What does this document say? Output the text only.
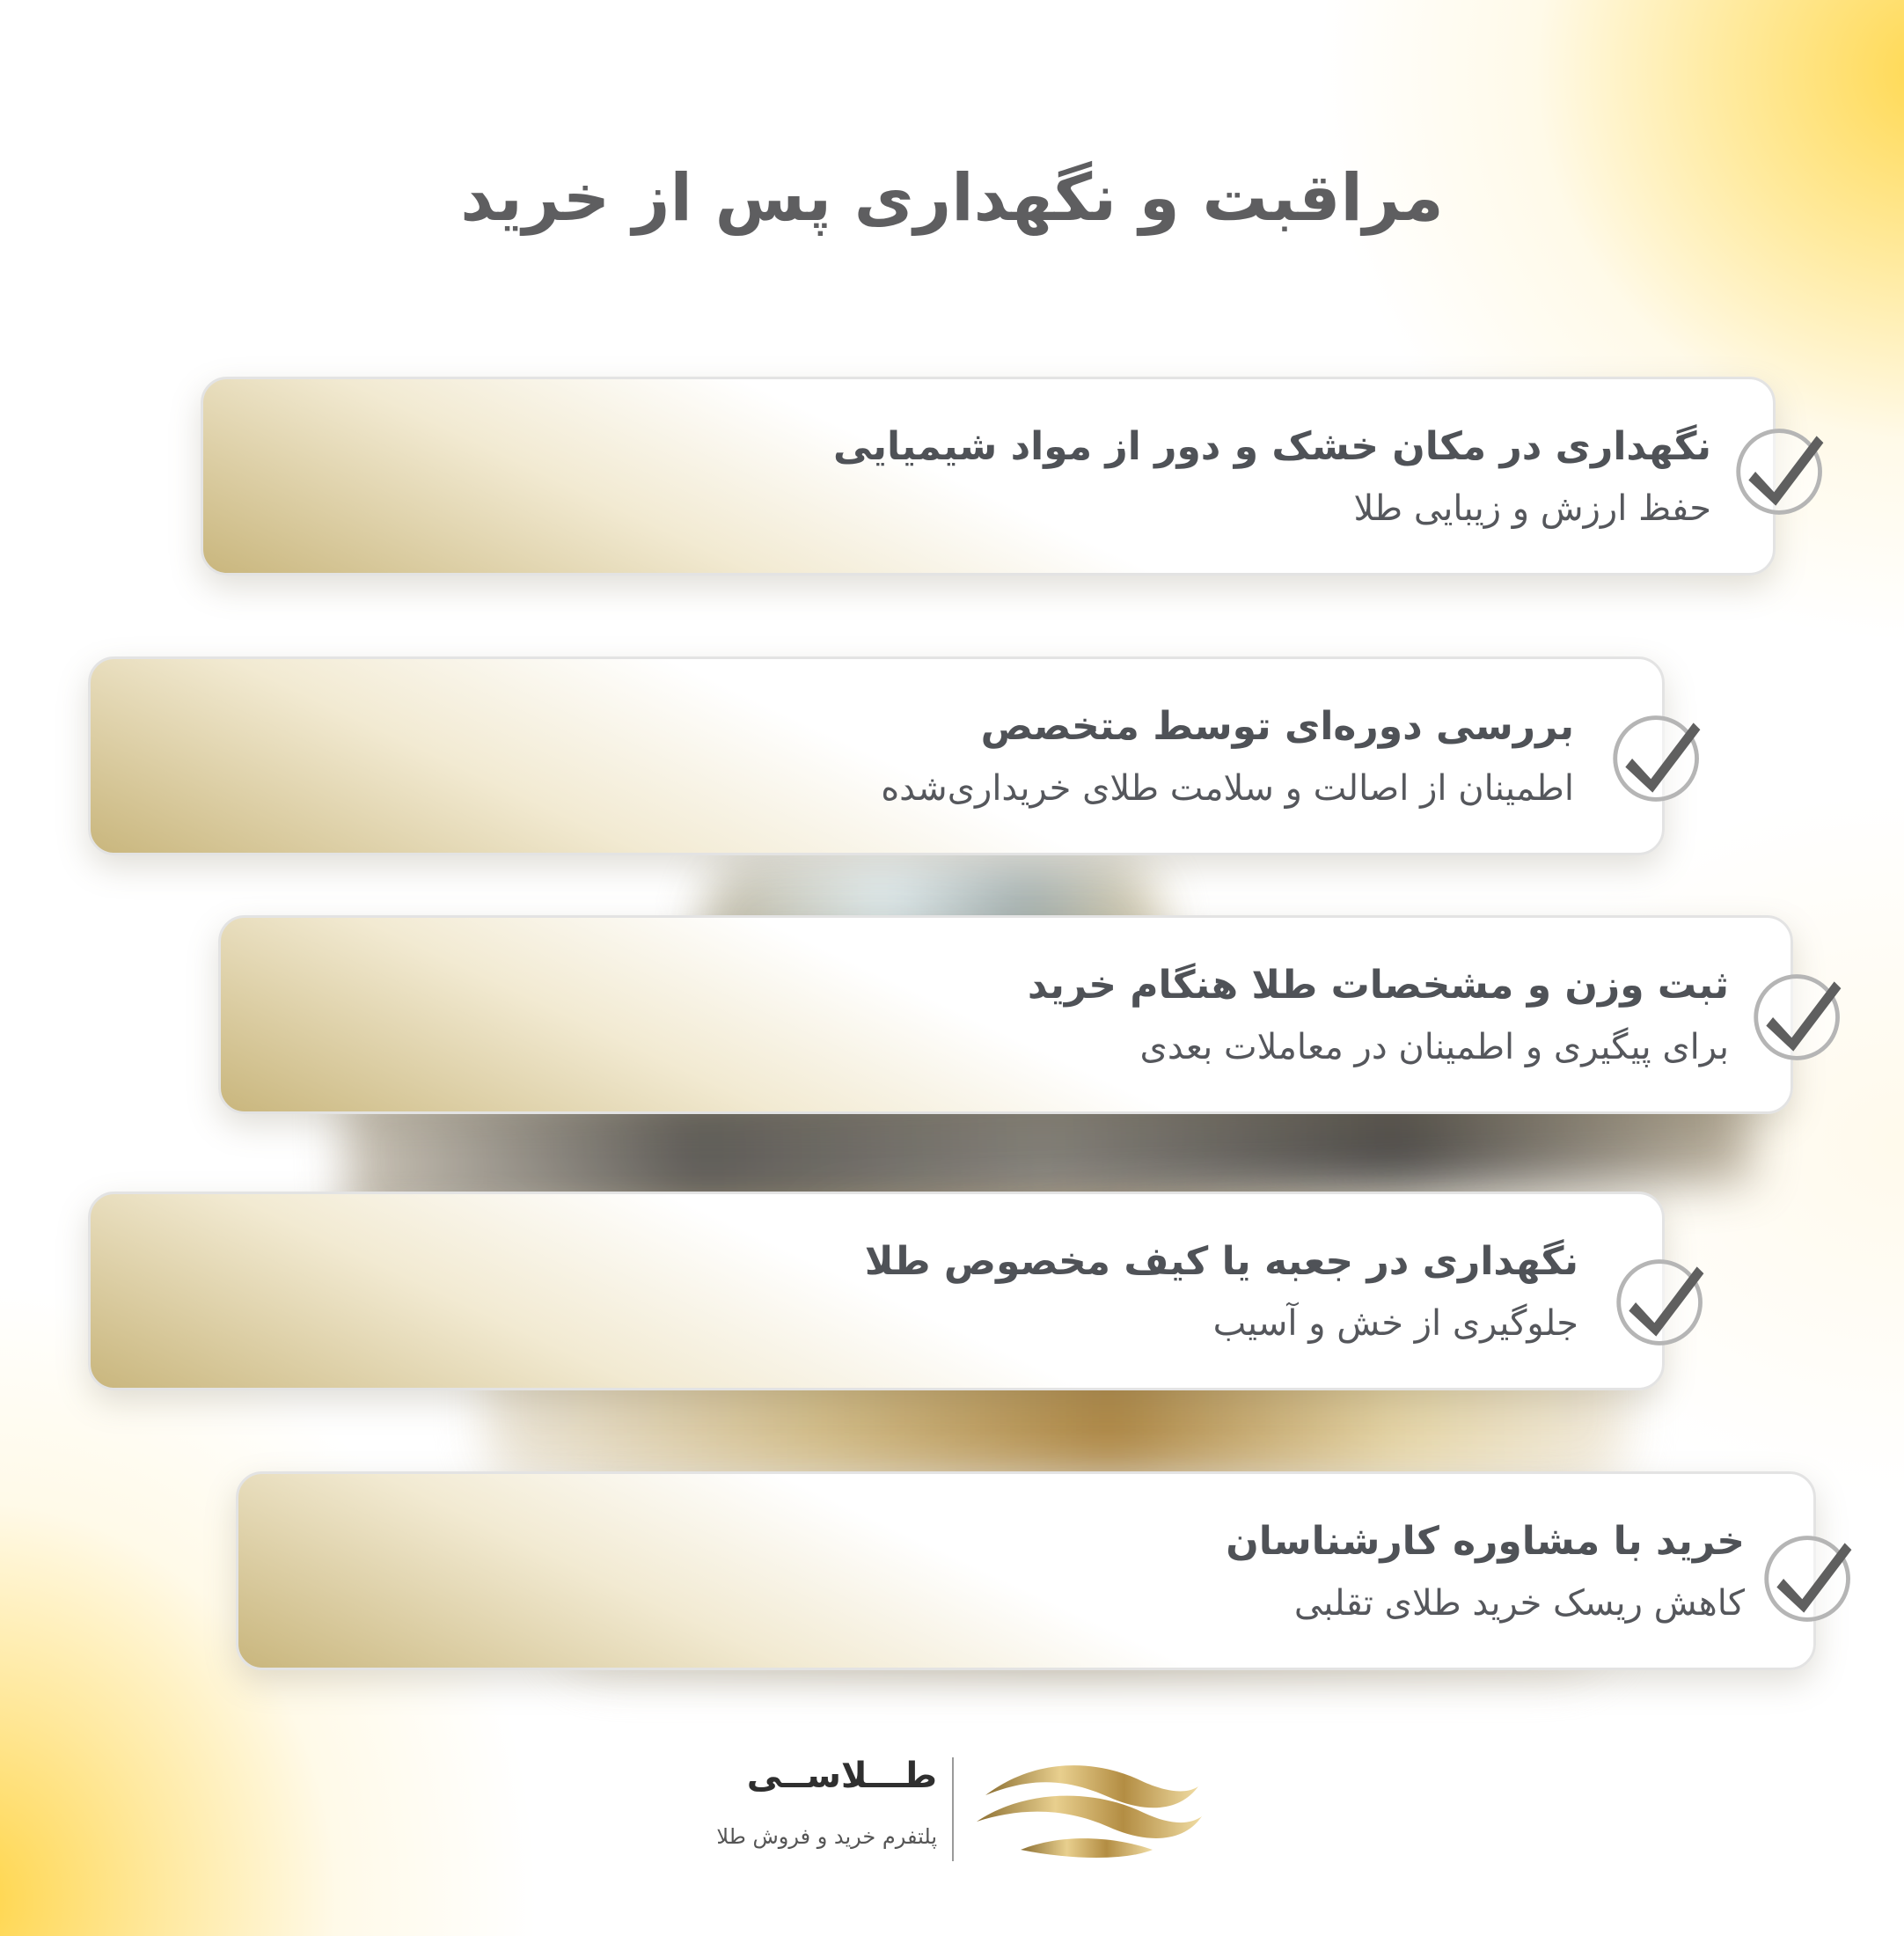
مراقبت و نگهداری پس از خرید
نگهداری در مکان خشک و دور از مواد شیمیایی
حفظ ارزش و زیبایی طلا
بررسی دوره‌ای توسط متخصص
اطمینان از اصالت و سلامت طلای خریداری‌شده
ثبت وزن و مشخصات طلا هنگام خرید
برای پیگیری و اطمینان در معاملات بعدی
نگهداری در جعبه یا کیف مخصوص طلا
جلوگیری از خش و آسیب
خرید با مشاوره کارشناسان
کاهش ریسک خرید طلای تقلبی
طـــلاســی
پلتفرم خرید و فروش طلا
